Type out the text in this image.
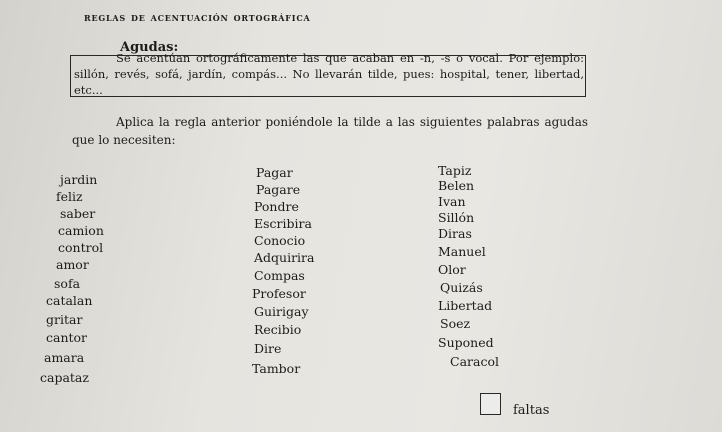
reglas de acentuación ortográfica
Agudas:
Se acentúan ortográficamente las que acaban en -n, -s o vocal. Por ejemplo: sillón, revés, sofá, jardín, compás... No llevarán tilde, pues: hospital, tener, libertad, etc...
Aplica la regla anterior poniéndole la tilde a las siguientes palabras agudas que lo necesiten:
jardin
feliz
saber
camion
control
amor
sofa
catalan
gritar
cantor
amara
capataz
Pagar
Pagare
Pondre
Escribira
Conocio
Adquirira
Compas
Profesor
Guirigay
Recibio
Dire
Tambor
Tapiz
Belen
Ivan
Sillón
Diras
Manuel
Olor
Quizás
Libertad
Soez
Suponed
Caracol
faltas
